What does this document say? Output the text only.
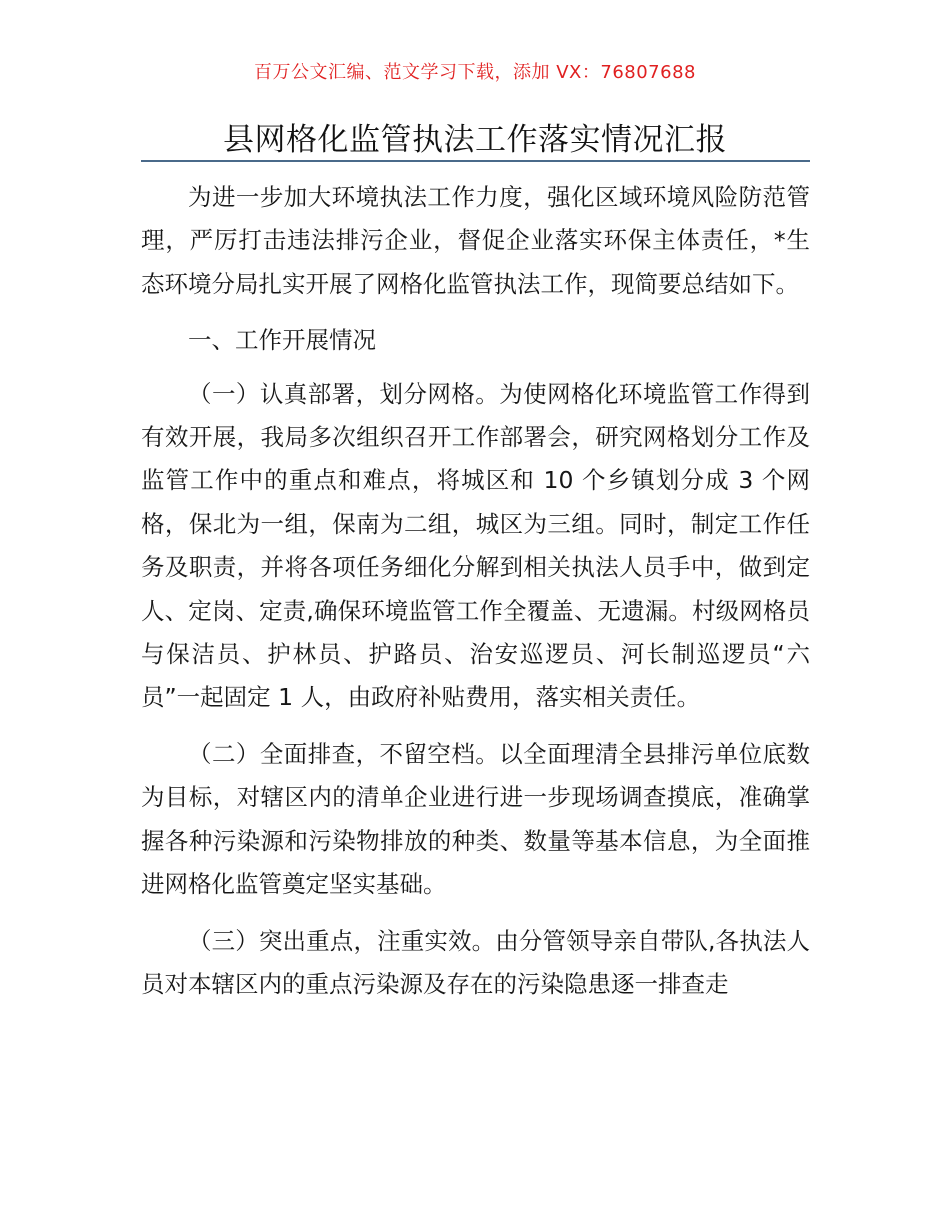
百万公文汇编、范文学习下载，添加 VX：76807688
县网格化监管执法工作落实情况汇报

为进一步加大环境执法工作力度，强化区域环境风险防范管理，严厉打击违法排污企业，督促企业落实环保主体责任，*生态环境分局扎实开展了网格化监管执法工作，现简要总结如下。

一、工作开展情况

（一）认真部署，划分网格。为使网格化环境监管工作得到有效开展，我局多次组织召开工作部署会，研究网格划分工作及监管工作中的重点和难点，将城区和 10 个乡镇划分成 3 个网格，保北为一组，保南为二组，城区为三组。同时，制定工作任务及职责，并将各项任务细化分解到相关执法人员手中，做到定人、定岗、定责,确保环境监管工作全覆盖、无遗漏。村级网格员与保洁员、护林员、护路员、治安巡逻员、河长制巡逻员“六员”一起固定 1 人，由政府补贴费用，落实相关责任。

（二）全面排查，不留空档。以全面理清全县排污单位底数为目标，对辖区内的清单企业进行进一步现场调查摸底，准确掌握各种污染源和污染物排放的种类、数量等基本信息，为全面推进网格化监管奠定坚实基础。

（三）突出重点，注重实效。由分管领导亲自带队,各执法人员对本辖区内的重点污染源及存在的污染隐患逐一排查走
